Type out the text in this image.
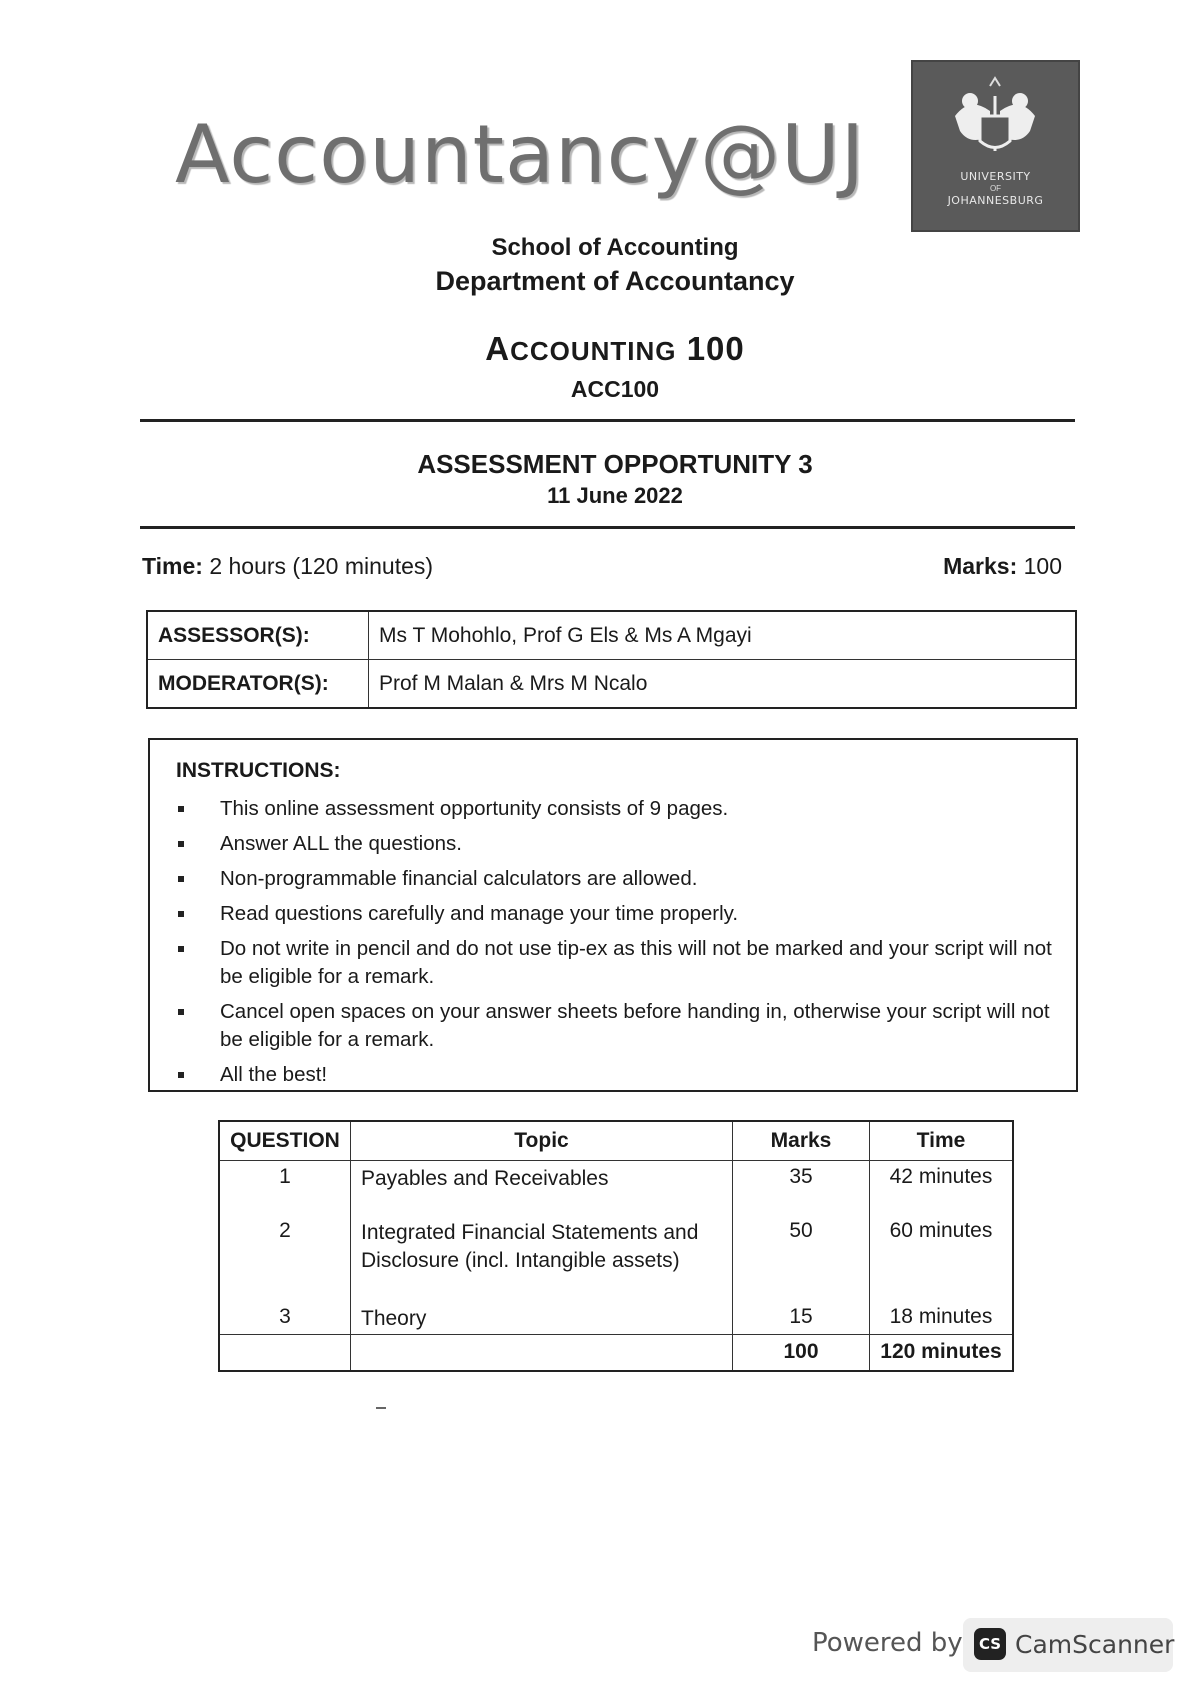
Accountancy@UJ	UNIVERSITY
OF
JOHANNESBURG
School of Accounting
Department of Accountancy
ACCOUNTING 100
ACC100
ASSESSMENT OPPORTUNITY 3
11 June 2022
Time: 2 hours (120 minutes)	Marks: 100
ASSESSOR(S):	Ms T Mohohlo, Prof G Els & Ms A Mgayi
MODERATOR(S):	Prof M Malan & Mrs M Ncalo
INSTRUCTIONS:
This online assessment opportunity consists of 9 pages.
Answer ALL the questions.
Non-programmable financial calculators are allowed.
Read questions carefully and manage your time properly.
Do not write in pencil and do not use tip-ex as this will not be marked and your script will not be eligible for a remark.
Cancel open spaces on your answer sheets before handing in, otherwise your script will not be eligible for a remark.
All the best!
QUESTION	Topic	Marks	Time
1	Payables and Receivables	35	42 minutes
2	Integrated Financial Statements and Disclosure (incl. Intangible assets)	50	60 minutes
3	Theory	15	18 minutes
		100	120 minutes
Powered by	CS CamScanner
